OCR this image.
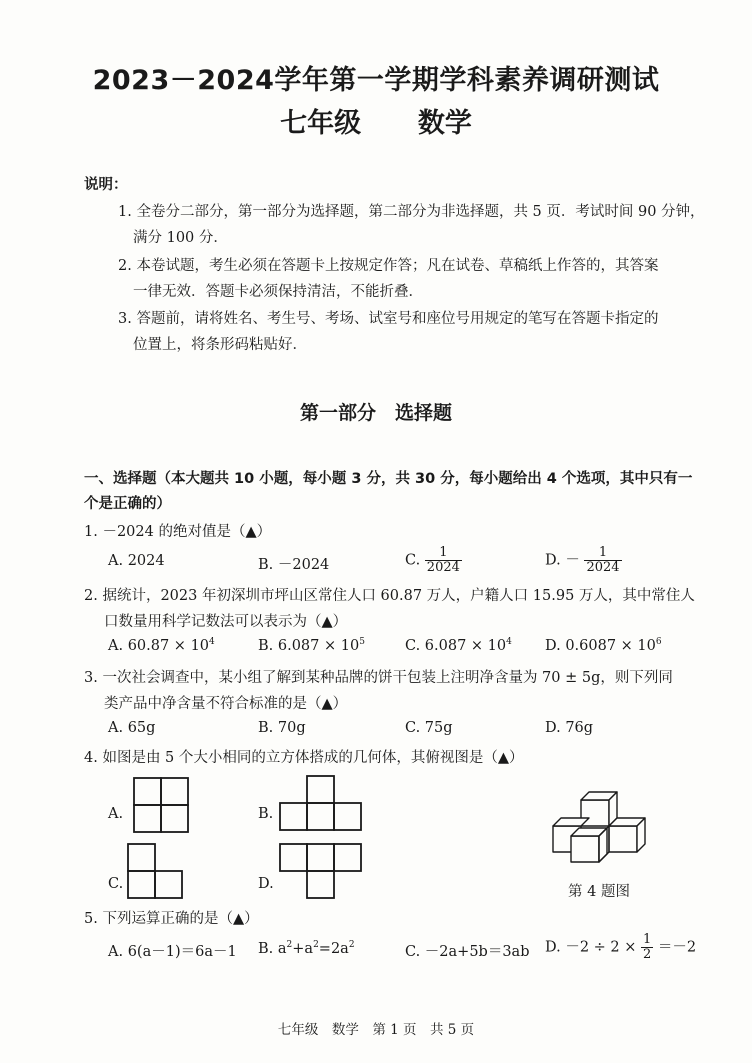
2023－2024学年第一学期学科素养调研测试
七年级 数学
说明：
1. 全卷分二部分，第一部分为选择题，第二部分为非选择题，共 5 页．考试时间 90 分钟，
满分 100 分．
2. 本卷试题，考生必须在答题卡上按规定作答；凡在试卷、草稿纸上作答的，其答案
一律无效．答题卡必须保持清洁，不能折叠．
3. 答题前，请将姓名、考生号、考场、试室号和座位号用规定的笔写在答题卡指定的
位置上，将条形码粘贴好．
第一部分　选择题
一、选择题（本大题共 10 小题，每小题 3 分，共 30 分，每小题给出 4 个选项，其中只有一
个是正确的）
1. －2024 的绝对值是（▲）
A. 2024	B. －2024	C. $\frac{1}{2024}$	D. － $\frac{1}{2024}$
2. 据统计，2023 年初深圳市坪山区常住人口 60.87 万人，户籍人口 15.95 万人，其中常住人
口数量用科学记数法可以表示为（▲）
A. $60.87 \times 10^4$	B. $6.087 \times 10^5$	C. $6.087 \times 10^4$ D. $0.6087 \times 10^6$
3. 一次社会调查中，某小组了解到某种品牌的饼干包装上注明净含量为 70 ± 5g，则下列同
类产品中净含量不符合标准的是（▲）
A. 65g	B. 70g	C. 75g	D. 76g
4. 如图是由 5 个大小相同的立方体搭成的几何体，其俯视图是（▲）
A.	B.
C.	D.	第 4 题图
5. 下列运算正确的是（▲）
A. 6(a－1)＝6a－1 B. $a^2+a^2=2a^2$	C. －2a+5b＝3ab D. $-2 \div 2 \times \frac{1}{2} =-2$
七年级　数学　第 1 页　共 5 页
